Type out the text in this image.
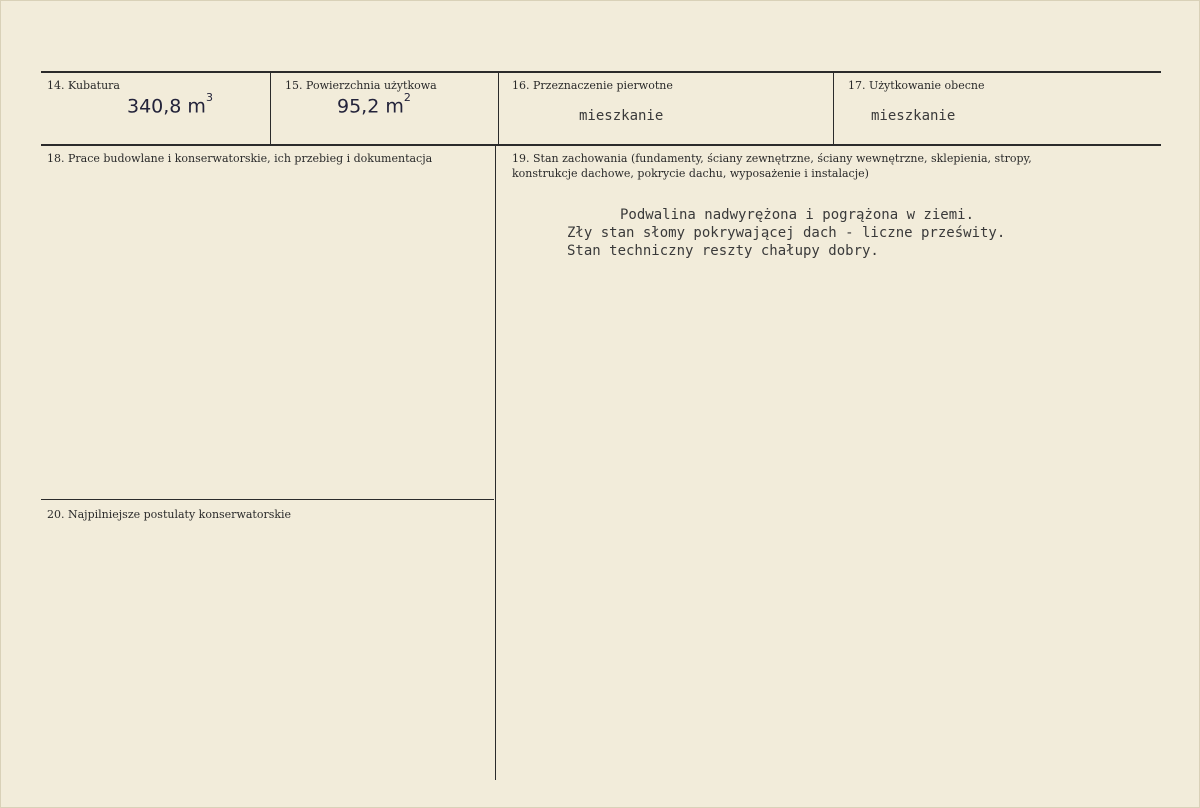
14. Kubatura
340,8 $m^3$
15. Powierzchnia użytkowa
95,2 $m^2$
16. Przeznaczenie pierwotne
mieszkanie
17. Użytkowanie obecne
mieszkanie
18. Prace budowlane i konserwatorskie, ich przebieg i dokumentacja	19. Stan zachowania (fundamenty, ściany zewnętrzne, ściany wewnętrzne, sklepienia, stropy,
konstrukcje dachowe, pokrycie dachu, wyposażenie i instalacje)
Podwalina nadwyrężona i pogrążona w ziemi.
Zły stan słomy pokrywającej dach - liczne prześwity.
Stan techniczny reszty chałupy dobry.
20. Najpilniejsze postulaty konserwatorskie
